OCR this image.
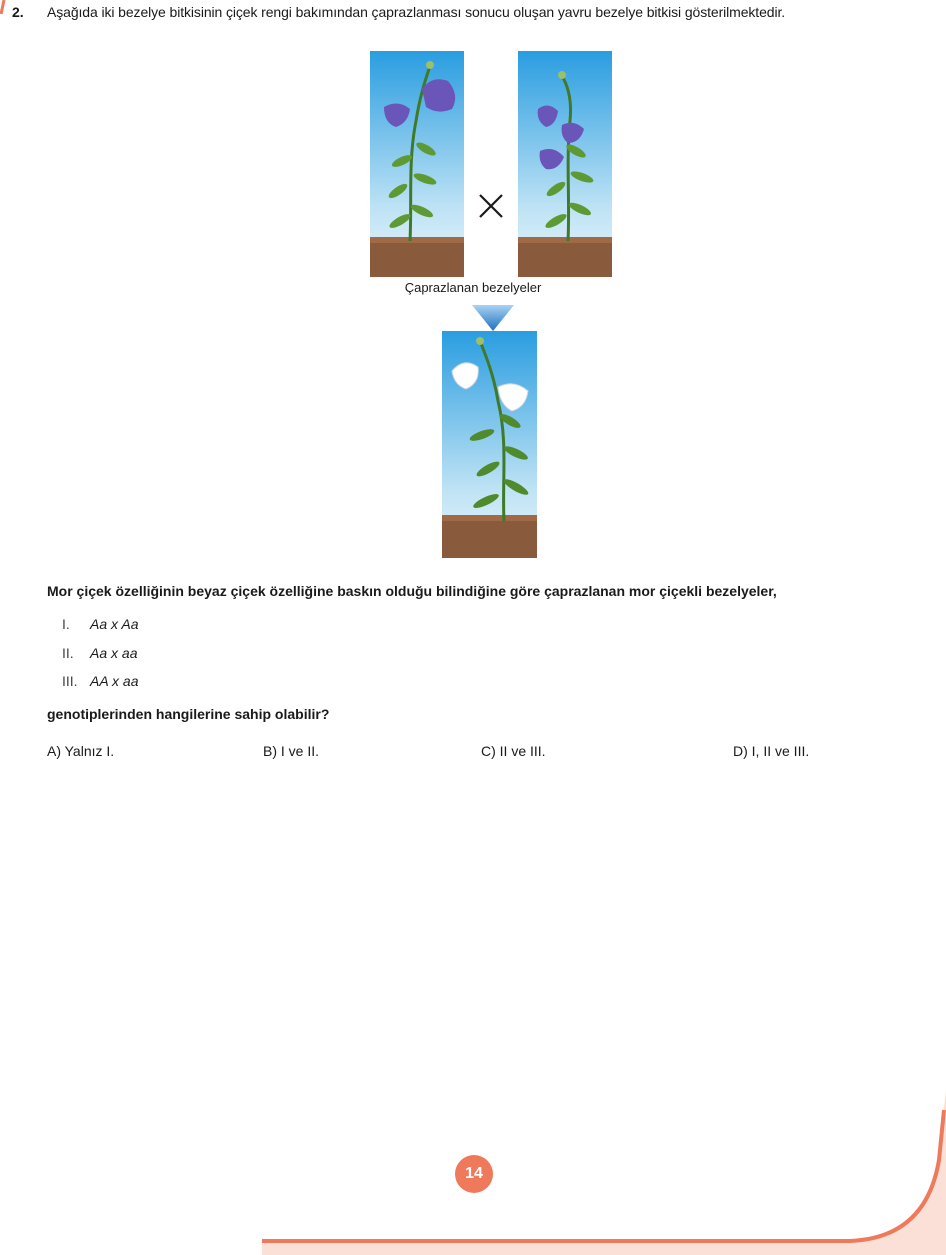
2. Aşağıda iki bezelye bitkisinin çiçek rengi bakımından çaprazlanması sonucu oluşan yavru bezelye bitkisi gösterilmektedir.
Çaprazlanan bezelyeler
Mor çiçek özelliğinin beyaz çiçek özelliğine baskın olduğu bilindiğine göre çaprazlanan mor çiçekli bezelyeler,
I. Aa x Aa
II. Aa x aa
III. AA x aa
genotiplerinden hangilerine sahip olabilir?
A) Yalnız I.	B) I ve II.	C) II ve III.	D) I, II ve III.
14
